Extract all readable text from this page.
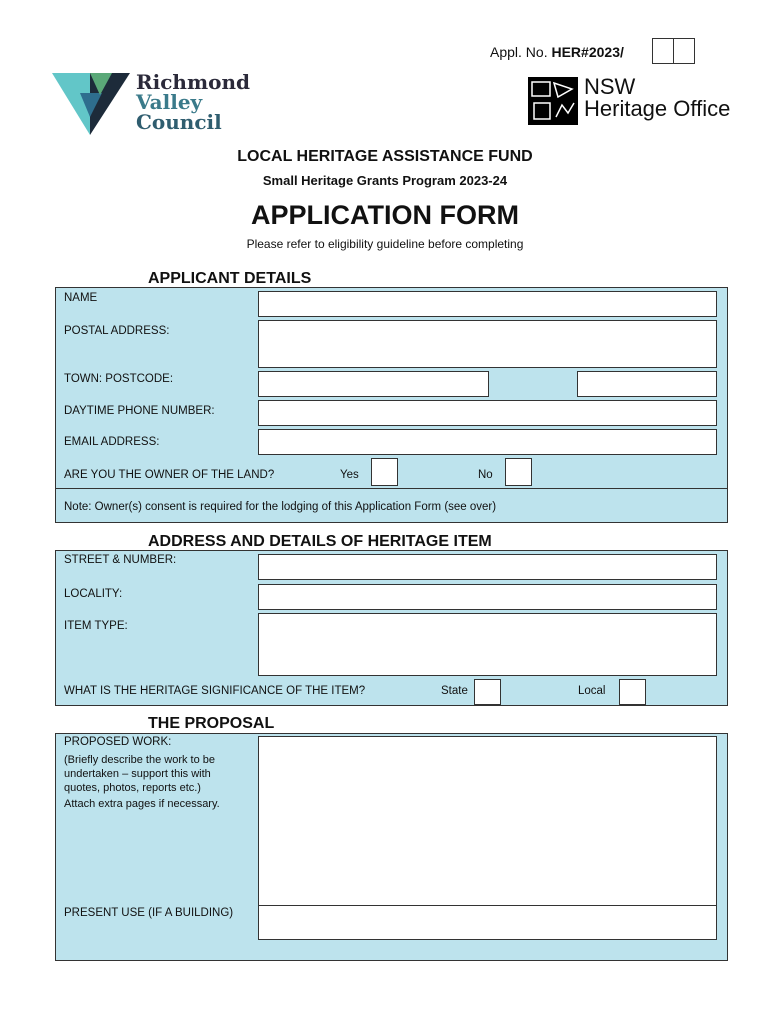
Appl. No. HER#2023/
Richmond
Valley
Council
NSW
Heritage Office
LOCAL HERITAGE ASSISTANCE FUND
Small Heritage Grants Program 2023-24
APPLICATION FORM
Please refer to eligibility guideline before completing
APPLICANT DETAILS
NAME
POSTAL ADDRESS:
TOWN: POSTCODE:
DAYTIME PHONE NUMBER:
EMAIL ADDRESS:
ARE YOU THE OWNER OF THE LAND?	Yes	No
Note: Owner(s) consent is required for the lodging of this Application Form (see over)
ADDRESS AND DETAILS OF HERITAGE ITEM
STREET & NUMBER:
LOCALITY:
ITEM TYPE:
WHAT IS THE HERITAGE SIGNIFICANCE OF THE ITEM?	State	Local
THE PROPOSAL
PROPOSED WORK:
(Briefly describe the work to be undertaken – support this with quotes, photos, reports etc.)
Attach extra pages if necessary.
PRESENT USE (IF A BUILDING)
